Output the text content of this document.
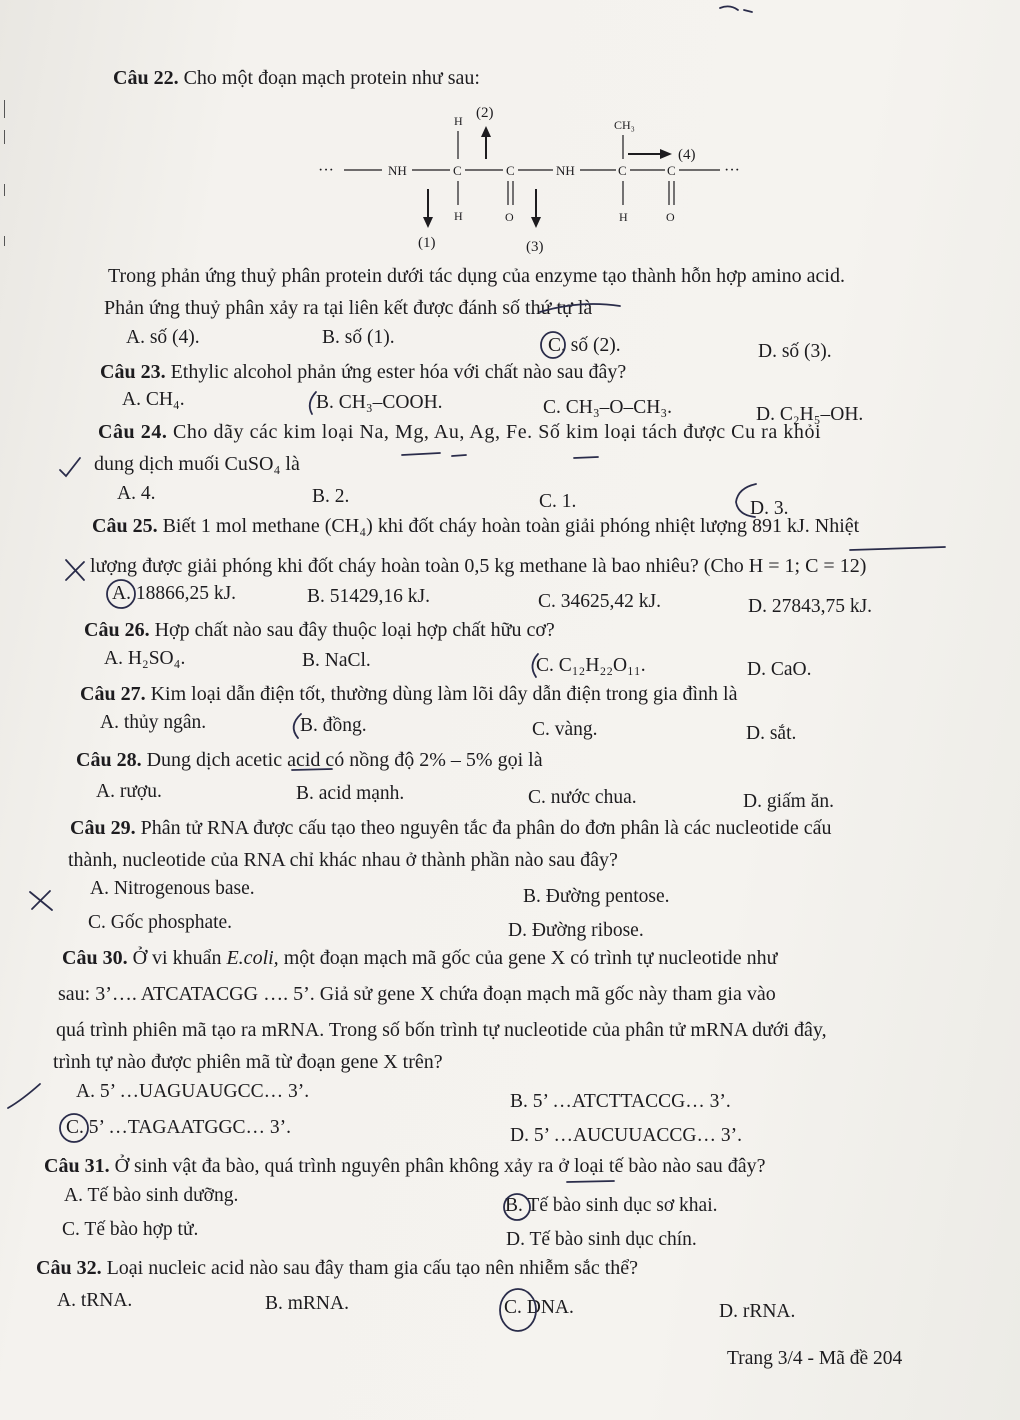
Câu 22. Cho một đoạn mạch protein như sau:
···	NH	C	C	NH	C	C	···
H
H	O
CH₃
H	O
(1)
(2)
(3)
(4)
Trong phản ứng thuỷ phân protein dưới tác dụng của enzyme tạo thành hỗn hợp amino acid.
Phản ứng thuỷ phân xảy ra tại liên kết được đánh số thứ tự là
A. số (4).	B. số (1).	C. số (2).	D. số (3).
Câu 23. Ethylic alcohol phản ứng ester hóa với chất nào sau đây?
A. CH₄.	B. CH₃–COOH.	C. CH₃–O–CH₃.	D. C₂H₅–OH.
Câu 24. Cho dãy các kim loại Na, Mg, Au, Ag, Fe. Số kim loại tách được Cu ra khỏi
dung dịch muối CuSO₄ là
A. 4.	B. 2.	C. 1.	D. 3.
Câu 25. Biết 1 mol methane (CH₄) khi đốt cháy hoàn toàn giải phóng nhiệt lượng 891 kJ. Nhiệt
lượng được giải phóng khi đốt cháy hoàn toàn 0,5 kg methane là bao nhiêu? (Cho H = 1; C = 12)
A. 18866,25 kJ.	B. 51429,16 kJ.	C. 34625,42 kJ.	D. 27843,75 kJ.
Câu 26. Hợp chất nào sau đây thuộc loại hợp chất hữu cơ?
A. H₂SO₄.	B. NaCl.	C. C₁₂H₂₂O₁₁.	D. CaO.
Câu 27. Kim loại dẫn điện tốt, thường dùng làm lõi dây dẫn điện trong gia đình là
A. thủy ngân.	B. đồng.	C. vàng.	D. sắt.
Câu 28. Dung dịch acetic acid có nồng độ 2% – 5% gọi là
A. rượu.	B. acid mạnh.	C. nước chua.	D. giấm ăn.
Câu 29. Phân tử RNA được cấu tạo theo nguyên tắc đa phân do đơn phân là các nucleotide cấu
thành, nucleotide của RNA chỉ khác nhau ở thành phần nào sau đây?
A. Nitrogenous base.	B. Đường pentose.
C. Gốc phosphate.	D. Đường ribose.
Câu 30. Ở vi khuẩn E.coli, một đoạn mạch mã gốc của gene X có trình tự nucleotide như
sau: 3’…. ATCATACGG …. 5’. Giả sử gene X chứa đoạn mạch mã gốc này tham gia vào
quá trình phiên mã tạo ra mRNA. Trong số bốn trình tự nucleotide của phân tử mRNA dưới đây,
trình tự nào được phiên mã từ đoạn gene X trên?
A. 5’ …UAGUAUGCC… 3’.	B. 5’ …ATCTTACCG… 3’.
C. 5’ …TAGAATGGC… 3’.	D. 5’ …AUCUUACCG… 3’.
Câu 31. Ở sinh vật đa bào, quá trình nguyên phân không xảy ra ở loại tế bào nào sau đây?
A. Tế bào sinh dưỡng.	B. Tế bào sinh dục sơ khai.
C. Tế bào hợp tử.	D. Tế bào sinh dục chín.
Câu 32. Loại nucleic acid nào sau đây tham gia cấu tạo nên nhiễm sắc thể?
A. tRNA.	B. mRNA.	C. DNA.	D. rRNA.
Trang 3/4 - Mã đề 204
